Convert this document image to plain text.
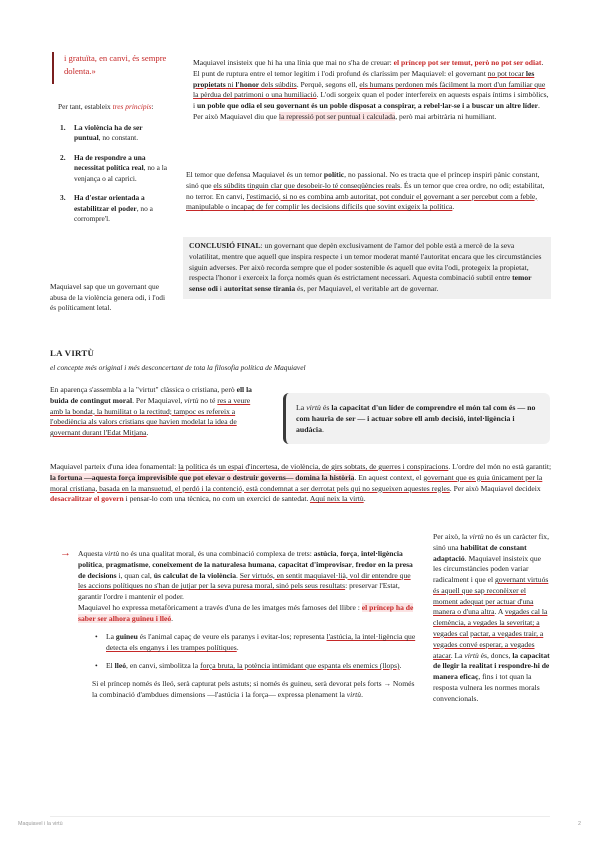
i gratuïta, en canvi, és sempre dolenta.»

Per tant, estableix tres principis:

1. La violència ha de ser puntual, no constant.
2. Ha de respondre a una necessitat política real, no a la venjança o al caprici.
3. Ha d'estar orientada a estabilitzar el poder, no a corrompre'l.
Maquiavel sap que un governant que abusa de la violència genera odi, i l'odi és políticament letal.
Maquiavel insisteix que hi ha una línia que mai no s'ha de creuar: el príncep pot ser temut, però no pot ser odiat. El punt de ruptura entre el temor legítim i l'odi profund és claríssim per Maquiavel: el governant no pot tocar les propietats ni l'honor dels súbdits. Perquè, segons ell, els humans perdonen més fàcilment la mort d'un familiar que la pèrdua del patrimoni o una humiliació. L'odi sorgeix quan el poder interfereix en aquests espais íntims i simbòlics, i un poble que odia el seu governant és un poble disposat a conspirar, a rebel·lar-se i a buscar un altre líder. Per això Maquiavel diu que la repressió pot ser puntual i calculada, però mai arbitrària ni humiliant.
El temor que defensa Maquiavel és un temor polític, no passional. No es tracta que el príncep inspiri pànic constant, sinó que els súbdits tinguin clar que desobeir-lo té conseqüències reals. És un temor que crea ordre, no odi; estabilitat, no terror. En canvi, l'estimació, si no es combina amb autoritat, pot conduir el governant a ser percebut com a feble, manipulable o incapaç de fer complir les decisions difícils que sovint exigeix la política.
CONCLUSIÓ FINAL: un governant que depèn exclusivament de l'amor del poble està a mercè de la seva volatilitat, mentre que aquell que inspira respecte i un temor moderat manté l'autoritat encara que les circumstàncies siguin adverses. Per això recorda sempre que el poder sostenible és aquell que evita l'odi, protegeix la propietat, respecta l'honor i exerceix la força només quan és estrictament necessari. Aquesta combinació subtil entre temor sense odi i autoritat sense tirania és, per Maquiavel, el veritable art de governar.
LA VIRTÙ

el concepte més original i més desconcertant de tota la filosofia política de Maquiavel

En aparença s'assembla a la "virtut" clàssica o cristiana, però ell la buida de contingut moral. Per Maquiavel, virtù no té res a veure amb la bondat, la humilitat o la rectitud; tampoc es refereix a l'obediència als valors cristians que havien modelat la idea de governant durant l'Edat Mitjana.
La virtù és la capacitat d'un líder de comprendre el món tal com és — no com hauria de ser — i actuar sobre ell amb decisió, intel·ligència i audàcia.
Maquiavel parteix d'una idea fonamental: la política és un espai d'incertesa, de violència, de girs sobtats, de guerres i conspiracions. L'ordre del món no està garantit; la fortuna —aquesta força imprevisible que pot elevar o destruir governs— domina la història. En aquest context, el governant que es guia únicament per la moral cristiana, basada en la mansuetud, el perdó i la contenció, està condemnat a ser derrotat pels qui no segueixen aquestes regles. Per això Maquiavel decideix desacralitzar el govern i pensar-lo com una tècnica, no com un exercici de santedat. Aquí neix la virtù.
→ Aquesta virtù no és una qualitat moral, és una combinació complexa de trets: astúcia, força, intel·ligència política, pragmatisme, coneixement de la naturalesa humana, capacitat d'improvisar, fredor en la presa de decisions i, quan cal, ús calculat de la violència. Ser virtuós, en sentit maquiavel·lià, vol dir entendre que les accions polítiques no s'han de jutjar per la seva puresa moral, sinó pels seus resultats: preservar l'Estat, garantir l'ordre i mantenir el poder.

Maquiavel ho expressa metafòricament a través d'una de les imatges més famoses del llibre : el príncep ha de saber ser alhora guineu i lleó.

• La guineu és l'animal capaç de veure els paranys i evitar-los; representa l'astúcia, la intel·ligència que detecta els enganys i les trampes polítiques.
• El lleó, en canvi, simbolitza la força bruta, la potència intimidant que espanta els enemics (llops).

Si el príncep només és lleó, serà capturat pels astuts; si només és guineu, serà devorat pels forts → Només la combinació d'ambdues dimensions —l'astúcia i la força— expressa plenament la virtù.

Per això, la virtù no és un caràcter fix, sinó una habilitat de constant adaptació. Maquiavel insisteix que les circumstàncies poden variar radicalment i que el governant virtuós és aquell que sap reconèixer el moment adequat per actuar d'una manera o d'una altra. A vegades cal la clemència, a vegades la severitat; a vegades cal pactar, a vegades trair, a vegades convé esperar, a vegades atacar. La virtù és, doncs, la capacitat de llegir la realitat i respondre-hi de manera eficaç, fins i tot quan la resposta vulnera les normes morals convencionals.
Maquiavel i la virtù	2
